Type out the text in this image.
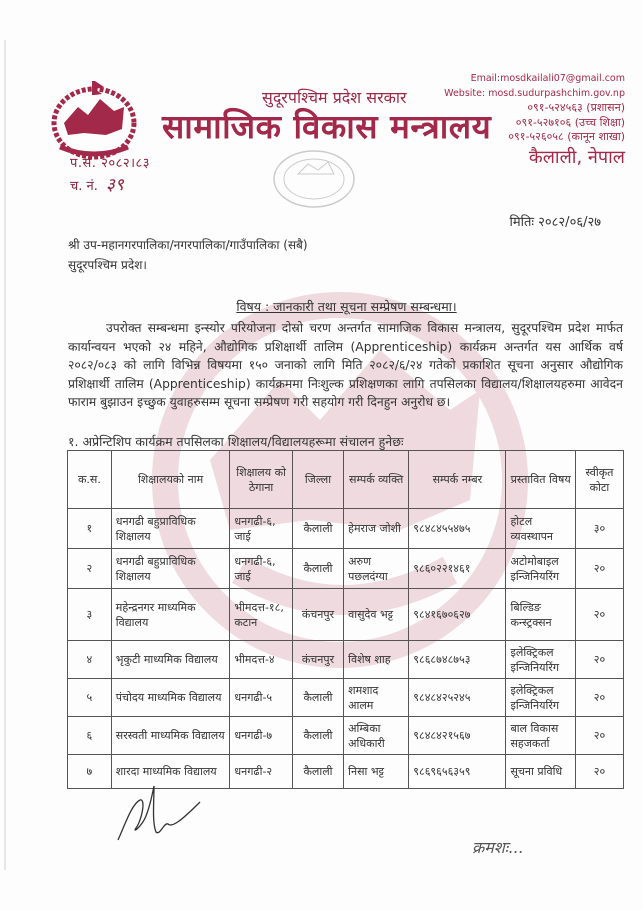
प.स. २०८२।८३
च. नं. ३९
सुदूरपश्चिम प्रदेश सरकार
सामाजिक विकास मन्त्रालय
Email:mosdkailali07@gmail.com
Website: mosd.sudurpashchim.gov.np
०९१-५२४५६३ (प्रशासन)
०९१-५२७१०६ (उच्च शिक्षा)
०९१-५२६०५८ (कानून शाखा)
कैलाली, नेपाल
मितिः २०८२/०६/२७
श्री उप-महानगरपालिका/नगरपालिका/गाउँपालिका (सबै)
सुदूरपश्चिम प्रदेश।
विषय : जानकारी तथा सूचना सम्प्रेषण सम्बन्धमा।

उपरोक्त सम्बन्धमा इन्स्योर परियोजना दोस्रो चरण अन्तर्गत सामाजिक विकास मन्त्रालय, सुदूरपश्चिम प्रदेश मार्फत कार्यान्वयन भएको २४ महिने, औद्योगिक प्रशिक्षार्थी तालिम (Apprenticeship) कार्यक्रम अन्तर्गत यस आर्थिक वर्ष २०८२/०८३ को लागि विभिन्न विषयमा १५० जनाको लागि मिति २०८२/६/२४ गतेको प्रकाशित सूचना अनुसार औद्योगिक प्रशिक्षार्थी तालिम (Apprenticeship) कार्यक्रममा निःशुल्क प्रशिक्षणका लागि तपसिलका विद्यालय/शिक्षालयहरुमा आवेदन फाराम बुझाउन इच्छुक युवाहरुसम्म सूचना सम्प्रेषण गरी सहयोग गरी दिनहुन अनुरोध छ।

१. अप्रेन्टिशिप कार्यक्रम तपसिलका शिक्षालय/विद्यालयहरूमा संचालन हुनेछः
क.स.	शिक्षालयको नाम	शिक्षालय को ठेगाना	जिल्ला	सम्पर्क व्यक्ति	सम्पर्क नम्बर	प्रस्तावित विषय	स्वीकृत कोटा
१	धनगढी बहुप्राविधिक शिक्षालय	धनगढी-६, जाई	कैलाली	हेमराज जोशी	९८४८४५५४७५	होटल व्यवस्थापन	३०
२	धनगढी बहुप्राविधिक शिक्षालय	धनगढी-६, जाई	कैलाली	अरुण पछलदंग्या	९८६०२२१४६१	अटोमोबाइल इन्जिनियरिंग	२०
३	महेन्द्रनगर माध्यमिक विद्यालय	भीमदत्त-१८, कटान	कंचनपुर	वासुदेव भट्ट	९८४१६७०६२७	बिल्डिङ कन्स्ट्रक्सन	२०
४	भृकुटी माध्यमिक विद्यालय	भीमदत्त-४	कंचनपुर	विशेष शाह	९८६८७४८७५३	इलेक्ट्रिकल इन्जिनियरिंग	२०
५	पंचोदय माध्यमिक विद्यालय	धनगढी-५	कैलाली	शमशाद आलम	९८४८४२५२४५	इलेक्ट्रिकल इन्जिनियरिंग	२०
६	सरस्वती माध्यमिक विद्यालय	धनगढी-७	कैलाली	अम्बिका अधिकारी	९८४८४२१५६७	बाल विकास सहजकर्ता	२०
७	शारदा माध्यमिक विद्यालय	धनगढी-२	कैलाली	निसा भट्ट	९८६९६५६३५९	सूचना प्रविधि	२०
क्रमशः...
